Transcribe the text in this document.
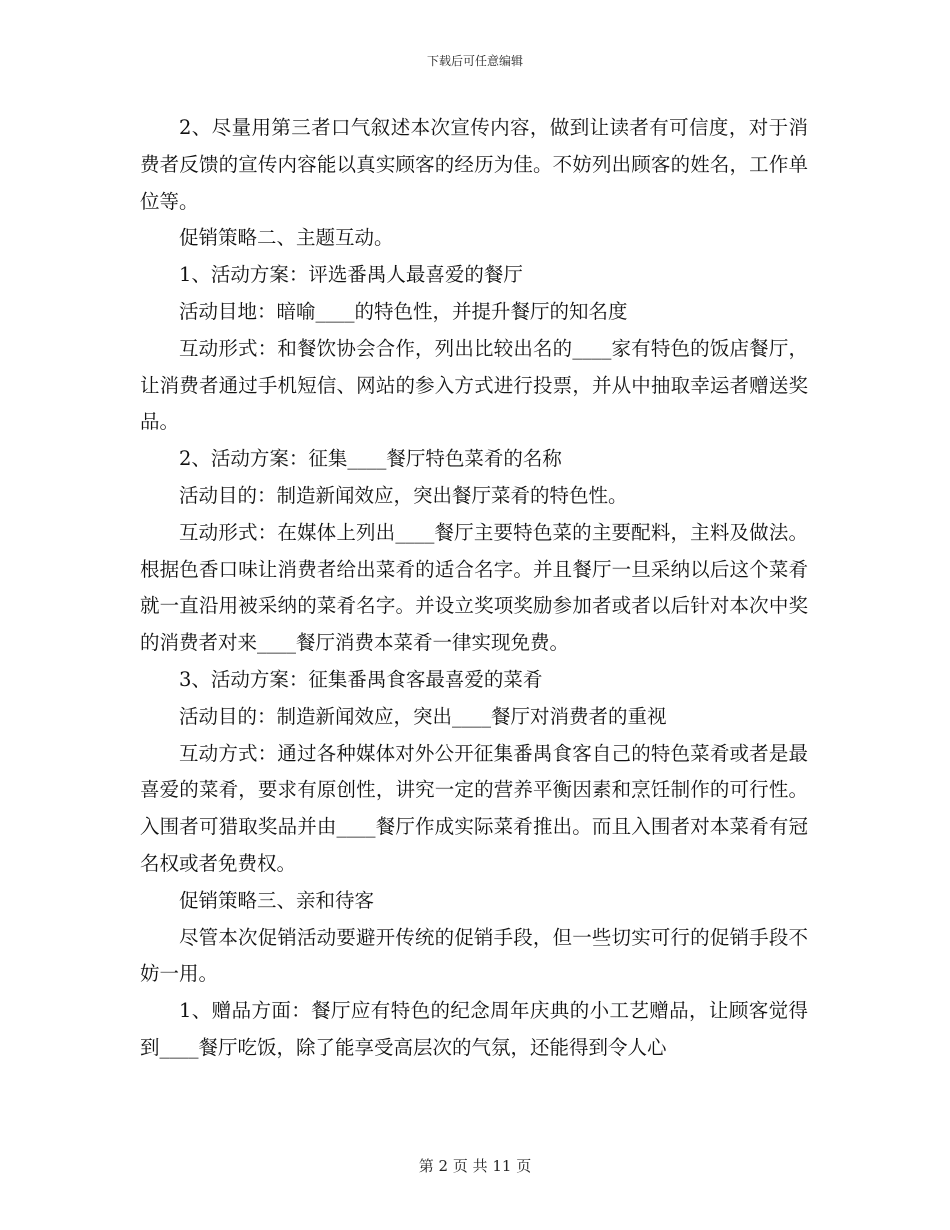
下载后可任意编辑

2、尽量用第三者口气叙述本次宣传内容，做到让读者有可信度，对于消费者反馈的宣传内容能以真实顾客的经历为佳。不妨列出顾客的姓名，工作单位等。

促销策略二、主题互动。

1、活动方案：评选番禺人最喜爱的餐厅

活动目地：暗喻____的特色性，并提升餐厅的知名度

互动形式：和餐饮协会合作，列出比较出名的____家有特色的饭店餐厅，让消费者通过手机短信、网站的参入方式进行投票，并从中抽取幸运者赠送奖品。

2、活动方案：征集____餐厅特色菜肴的名称

活动目的：制造新闻效应，突出餐厅菜肴的特色性。

互动形式：在媒体上列出____餐厅主要特色菜的主要配料，主料及做法。根据色香口味让消费者给出菜肴的适合名字。并且餐厅一旦采纳以后这个菜肴就一直沿用被采纳的菜肴名字。并设立奖项奖励参加者或者以后针对本次中奖的消费者对来____餐厅消费本菜肴一律实现免费。

3、活动方案：征集番禺食客最喜爱的菜肴

活动目的：制造新闻效应，突出____餐厅对消费者的重视

互动方式：通过各种媒体对外公开征集番禺食客自己的特色菜肴或者是最喜爱的菜肴，要求有原创性，讲究一定的营养平衡因素和烹饪制作的可行性。入围者可猎取奖品并由____餐厅作成实际菜肴推出。而且入围者对本菜肴有冠名权或者免费权。

促销策略三、亲和待客

尽管本次促销活动要避开传统的促销手段，但一些切实可行的促销手段不妨一用。

1、赠品方面：餐厅应有特色的纪念周年庆典的小工艺赠品，让顾客觉得到____餐厅吃饭，除了能享受高层次的气氛，还能得到令人心

第 2 页 共 11 页
